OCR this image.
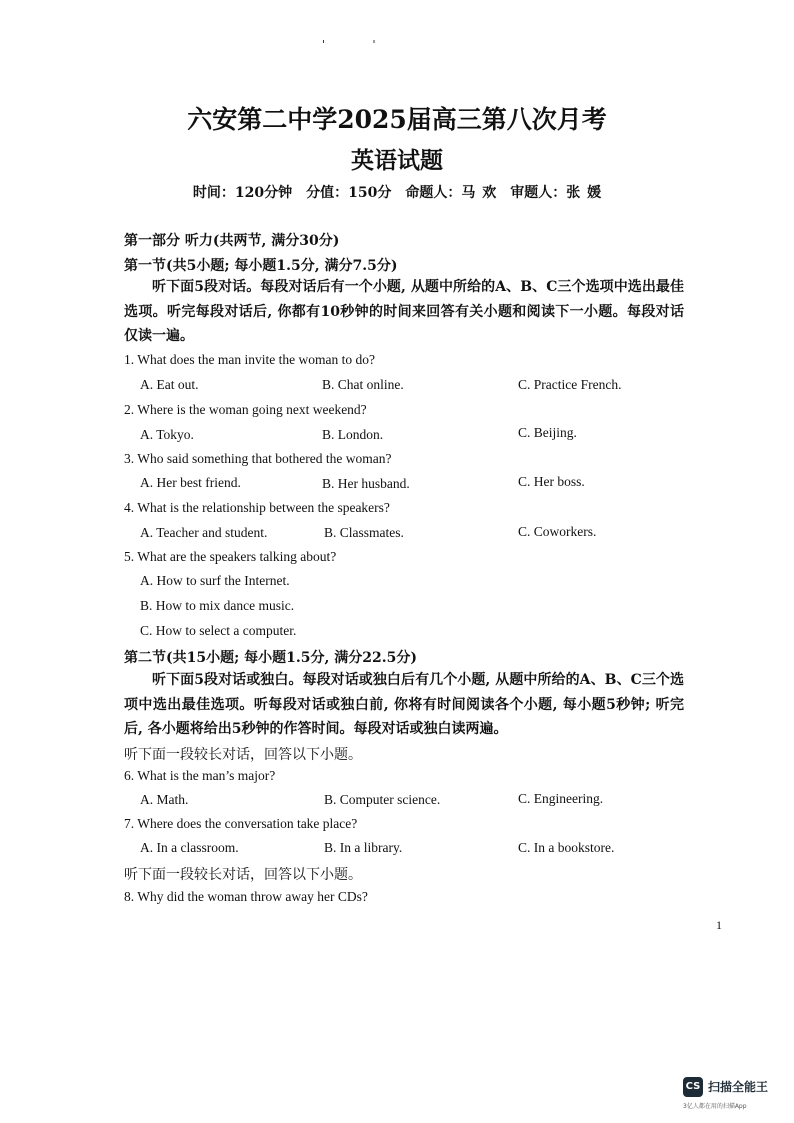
' '
六安第二中学2025届高三第八次月考
英语试题
时间：120分钟　分值：150分　命题人：马 欢　审题人：张 媛
第一部分 听力(共两节, 满分30分)
第一节(共5小题; 每小题1.5分, 满分7.5分)
听下面5段对话。每段对话后有一个小题, 从题中所给的A、B、C三个选项中选出最佳选项。听完每段对话后, 你都有10秒钟的时间来回答有关小题和阅读下一小题。每段对话仅读一遍。
1. What does the man invite the woman to do?
A. Eat out.	B. Chat online.	C. Practice French.
2. Where is the woman going next weekend?
A. Tokyo.	B. London.	C. Beijing.
3. Who said something that bothered the woman?
A. Her best friend.	B. Her husband.	C. Her boss.
4. What is the relationship between the speakers?
A. Teacher and student.	B. Classmates.	C. Coworkers.
5. What are the speakers talking about?
A. How to surf the Internet.
B. How to mix dance music.
C. How to select a computer.
第二节(共15小题; 每小题1.5分, 满分22.5分)
听下面5段对话或独白。每段对话或独白后有几个小题, 从题中所给的A、B、C三个选项中选出最佳选项。听每段对话或独白前, 你将有时间阅读各个小题, 每小题5秒钟; 听完后, 各小题将给出5秒钟的作答时间。每段对话或独白读两遍。
听下面一段较长对话，回答以下小题。
6. What is the man’s major?
A. Math.	B. Computer science.	C. Engineering.
7. Where does the conversation take place?
A. In a classroom.	B. In a library.	C. In a bookstore.
听下面一段较长对话，回答以下小题。
8. Why did the woman throw away her CDs?
1
CS 扫描全能王
3亿人都在用的扫描App
